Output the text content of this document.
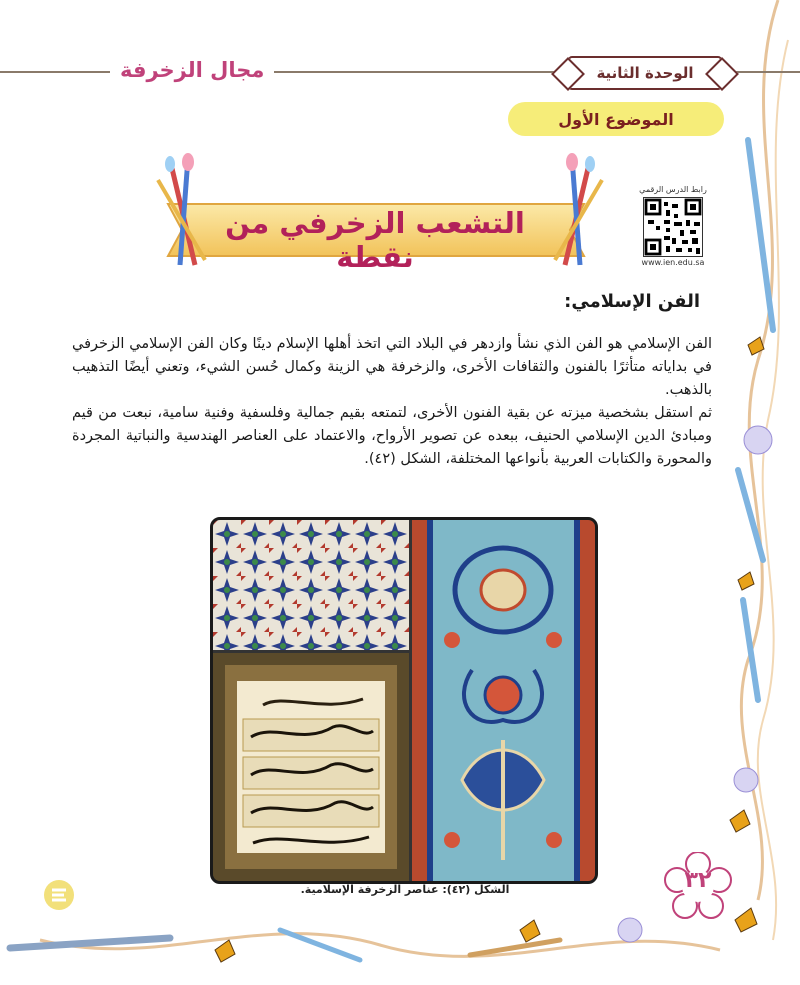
الوحدة الثانية
مجال الزخرفة
الموضوع الأول
التشعب الزخرفي من نقطة
رابط الدرس الرقمي
www.ien.edu.sa
الفن الإسلامي:

الفن الإسلامي هو الفن الذي نشأ وازدهر في البلاد التي اتخذ أهلها الإسلام دينًا وكان الفن الإسلامي الزخرفي في بداياته متأثرًا بالفنون والثقافات الأخرى، والزخرفة هي الزينة وكمال حُسن الشيء، وتعني أيضًا التذهيب بالذهب.

ثم استقل بشخصية ميزته عن بقية الفنون الأخرى، لتمتعه بقيم جمالية وفلسفية وفنية سامية، نبعت من قيم ومبادئ الدين الإسلامي الحنيف، ببعده عن تصوير الأرواح، والاعتماد على العناصر الهندسية والنباتية المجردة والمحورة والكتابات العربية بأنواعها المختلفة، الشكل (٤٢).

الشكل (٤٢): عناصر الزخرفة الإسلامية.	٣٢
